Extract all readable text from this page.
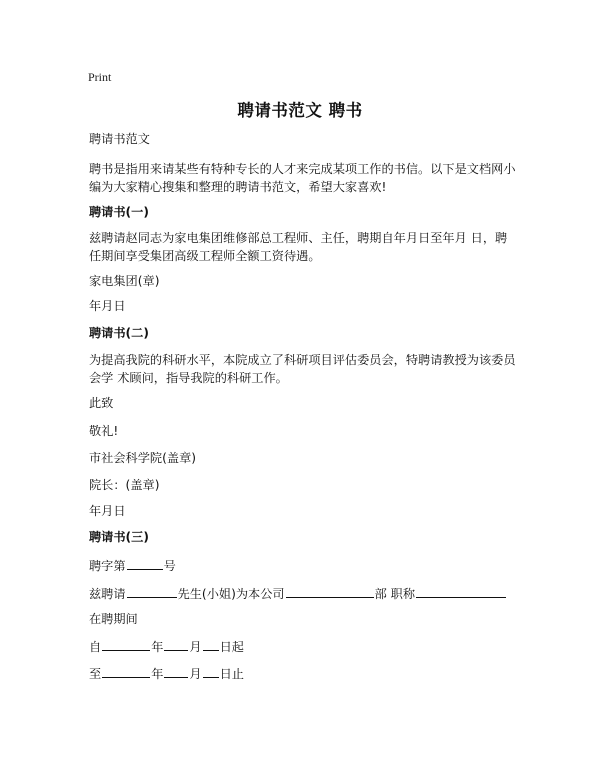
Print
聘请书范文 聘书
聘请书范文
聘书是指用来请某些有特种专长的人才来完成某项工作的书信。以下是文档网小编为大家精心搜集和整理的聘请书范文，希望大家喜欢!
聘请书(一)
兹聘请赵同志为家电集团维修部总工程师、主任，聘期自年月日至年月 日，聘任期间享受集团高级工程师全额工资待遇。
家电集团(章)
年月日
聘请书(二)
为提高我院的科研水平，本院成立了科研项目评估委员会，特聘请教授为该委员会学 术顾问，指导我院的科研工作。
此致
敬礼!
市社会科学院(盖章)
院长：(盖章)
年月日
聘请书(三)
聘字第	号
兹聘请	先生(小姐)为本公司	部 职称
在聘期间
自	年 月 日起
至	年 月 日止
